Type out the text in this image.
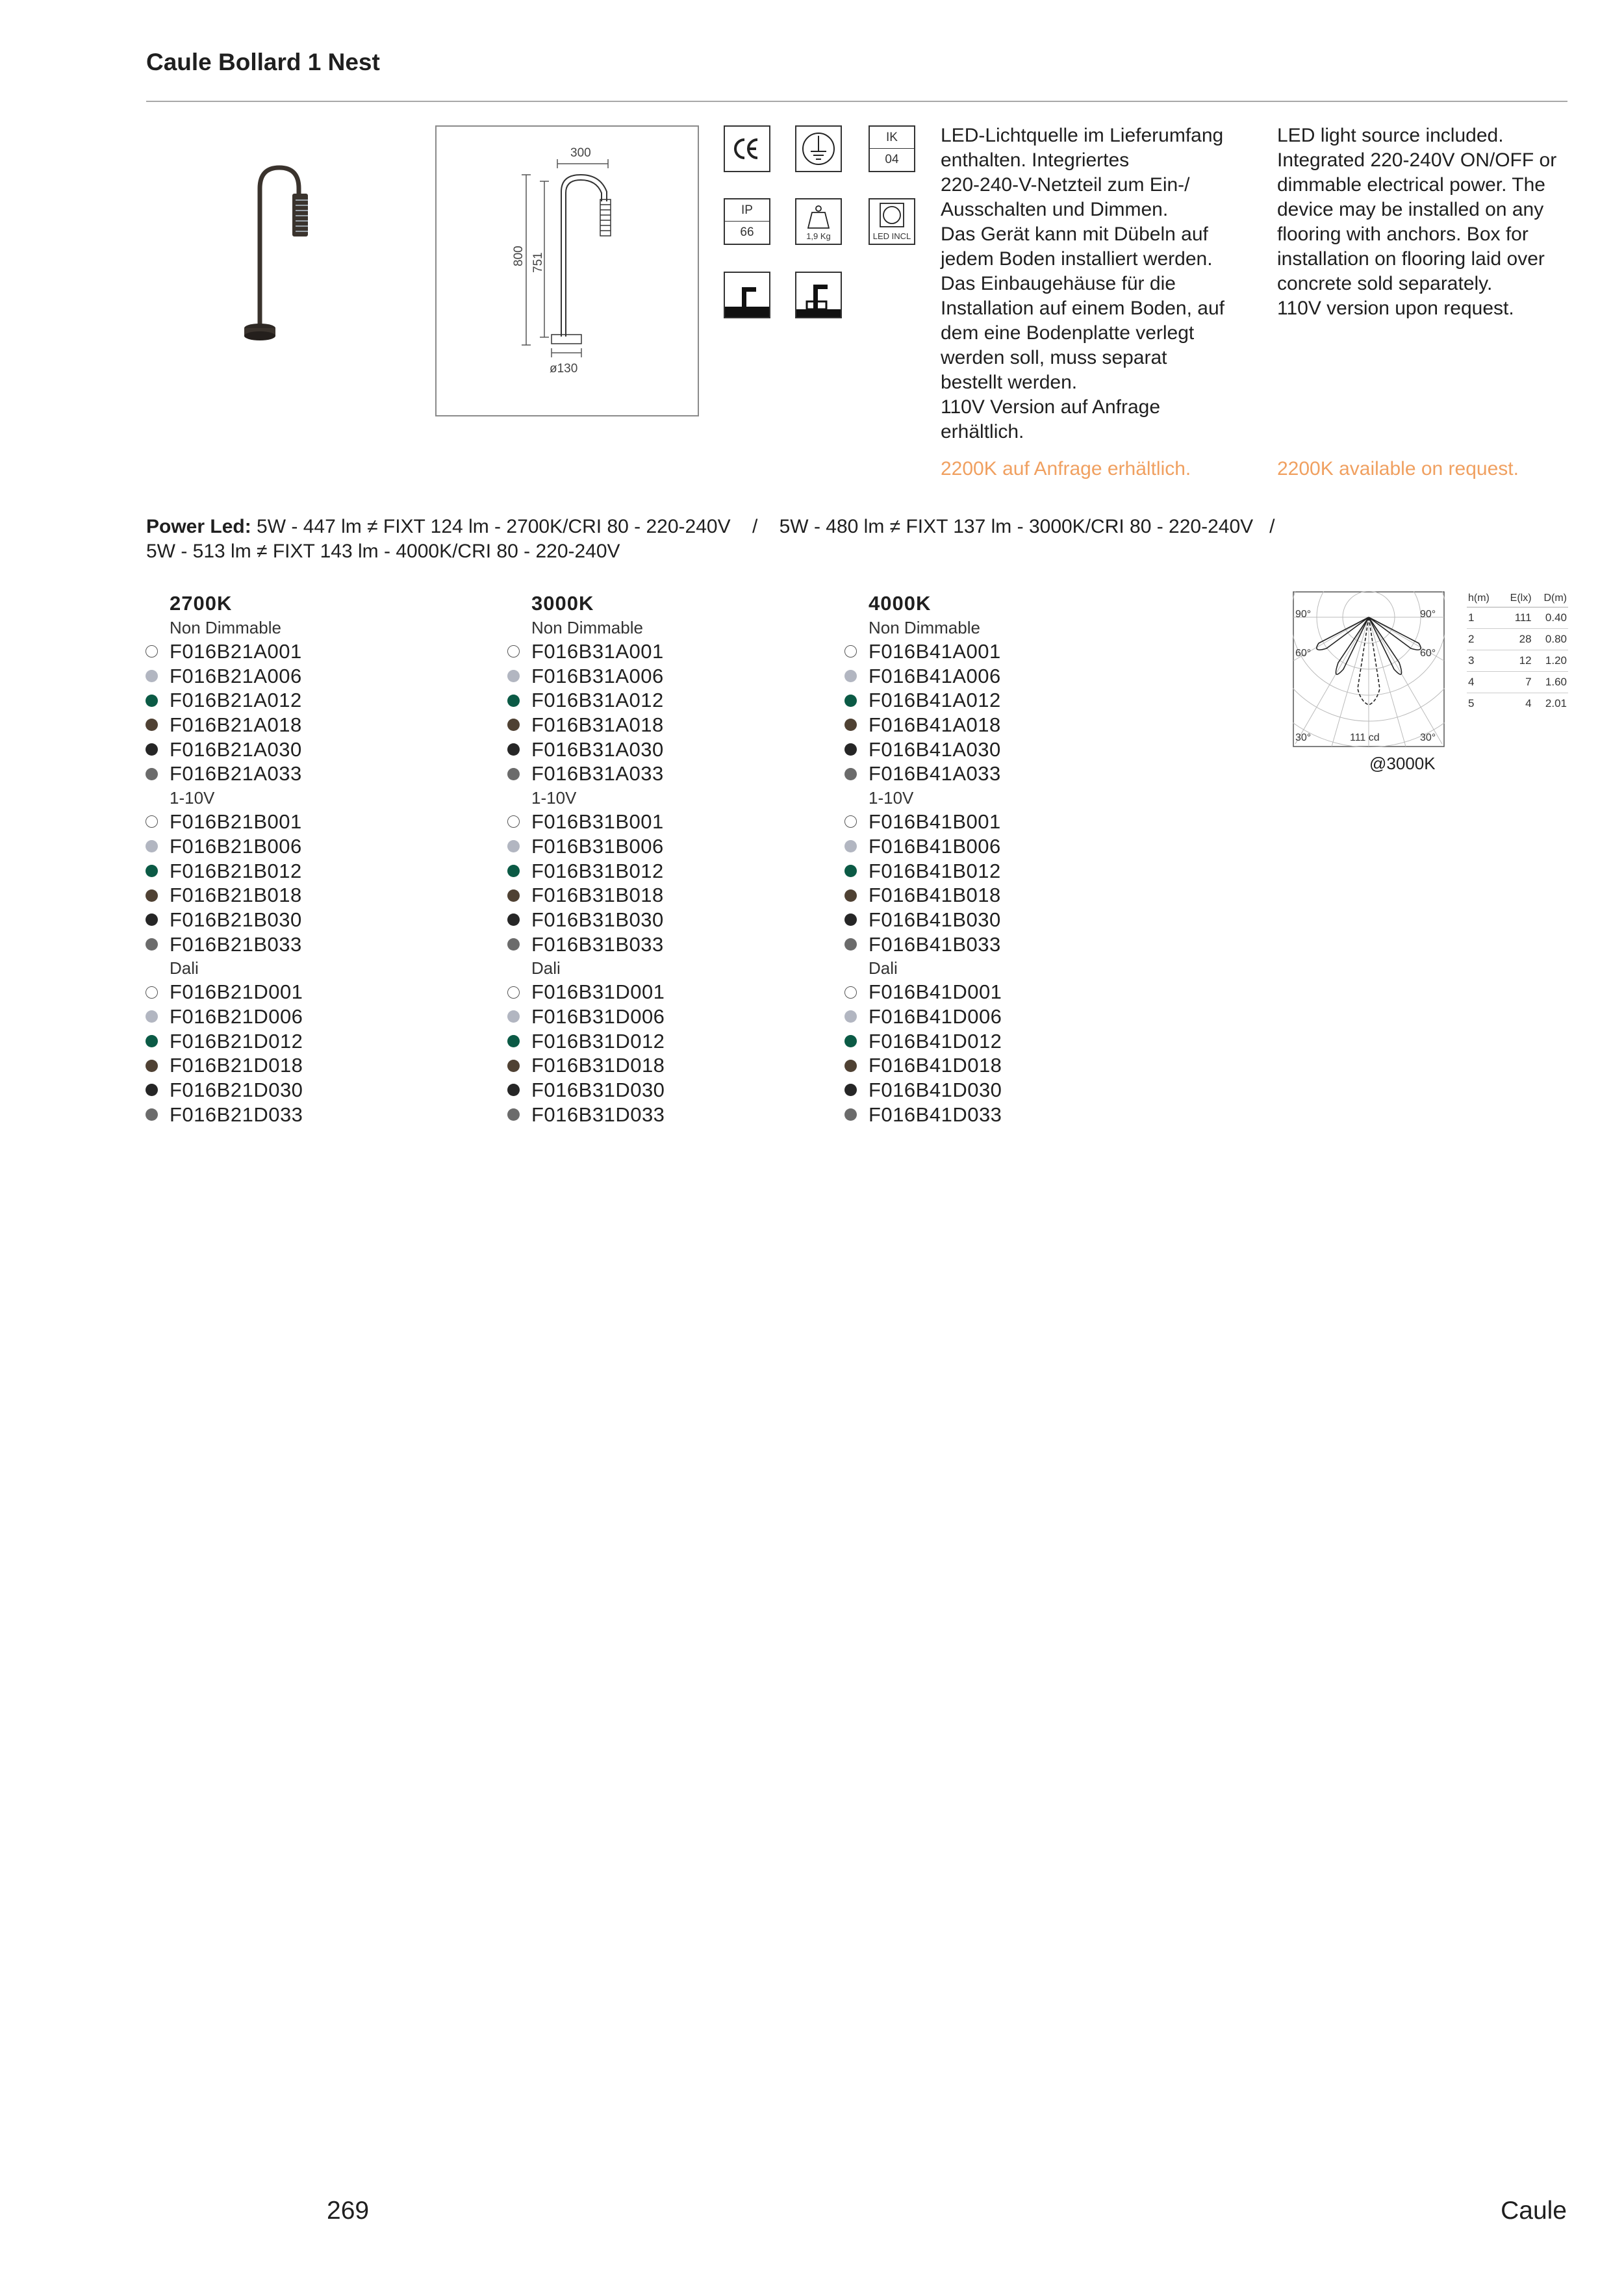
Caule Bollard 1 Nest
300
800 751
ø130
IK
04
IP
66	1,9 Kg	LED INCL
LED-Lichtquelle im Lieferumfang
enthalten. Integriertes
220-240-V-Netzteil zum Ein-/
Ausschalten und Dimmen.
Das Gerät kann mit Dübeln auf
jedem Boden installiert werden.
Das Einbaugehäuse für die
Installation auf einem Boden, auf
dem eine Bodenplatte verlegt
werden soll, muss separat
bestellt werden.
110V Version auf Anfrage
erhältlich.
LED light source included.
Integrated 220-240V ON/OFF or
dimmable electrical power. The
device may be installed on any
flooring with anchors. Box for
installation on flooring laid over
concrete sold separately.
110V version upon request.
2200K auf Anfrage erhältlich.	2200K available on request.
Power Led: 5W - 447 lm ≠ FIXT 124 lm - 2700K/CRI 80 - 220-240V    /    5W - 480 lm ≠ FIXT 137 lm - 3000K/CRI 80 - 220-240V   /
5W - 513 lm ≠ FIXT 143 lm - 4000K/CRI 80 - 220-240V
2700K
Non Dimmable
F016B21A001
F016B21A006
F016B21A012
F016B21A018
F016B21A030
F016B21A033
1-10V
F016B21B001
F016B21B006
F016B21B012
F016B21B018
F016B21B030
F016B21B033
Dali
F016B21D001
F016B21D006
F016B21D012
F016B21D018
F016B21D030
F016B21D033
3000K
Non Dimmable
F016B31A001
F016B31A006
F016B31A012
F016B31A018
F016B31A030
F016B31A033
1-10V
F016B31B001
F016B31B006
F016B31B012
F016B31B018
F016B31B030
F016B31B033
Dali
F016B31D001
F016B31D006
F016B31D012
F016B31D018
F016B31D030
F016B31D033
4000K
Non Dimmable
F016B41A001
F016B41A006
F016B41A012
F016B41A018
F016B41A030
F016B41A033
1-10V
F016B41B001
F016B41B006
F016B41B012
F016B41B018
F016B41B030
F016B41B033
Dali
F016B41D001
F016B41D006
F016B41D012
F016B41D018
F016B41D030
F016B41D033
90°	90°
60°	60°
30°	30°
111 cd
@3000K
h(m)	E(lx)	D(m)
1	111	0.40
2	28	0.80
3	12	1.20
4	7	1.60
5	4	2.01
269	Caule
